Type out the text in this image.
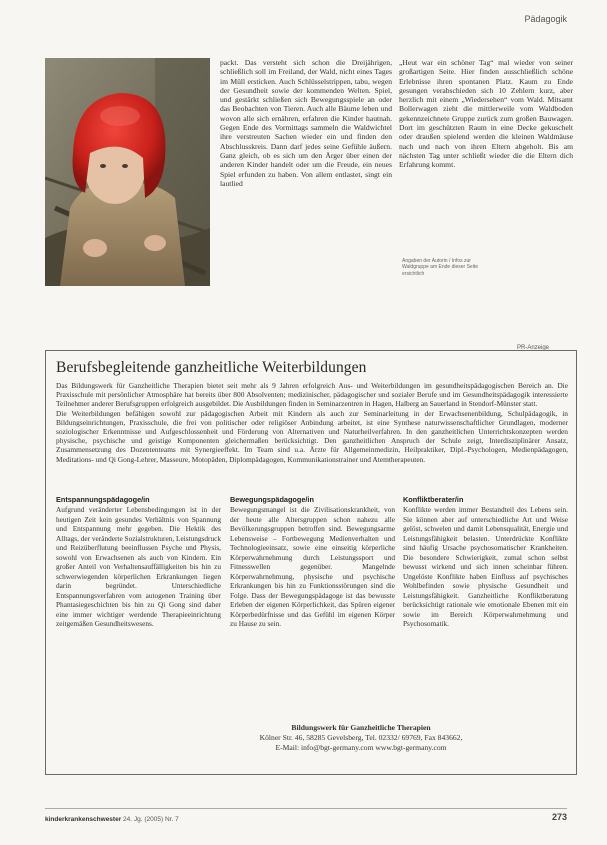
Pädagogik

packt. Das versteht sich schon die Dreijährigen, schließlich soll im Freiland, der Wald, nicht eines Tages im Müll ersticken. Auch Schlüsselstrippen, tabu, wegen der Gesundheit sowie der kommenden Welten. Spiel, und gestärkt schließen sich Bewegungsspiele an oder das Beobachten von Tieren. Auch alle Bäume leben und wovon alle sich ernähren, erfahren die Kinder hautnah. Gegen Ende des Vormittags sammeln die Waldwichtel ihre verstreuten Sachen wieder ein und finden den Abschlusskreis. Dann darf jedes seine Gefühle äußern. Ganz gleich, ob es sich um den Ärger über einen der anderen Kinder handelt oder um die Freude, ein neues Spiel erfunden zu haben. Von allem entlastet, singt ein lautlied

„Heut war ein schöner Tag“ mal wieder von seiner großartigen Seite. Hier finden ausschließlich schöne Erlebnisse ihren spontanen Platz. Kaum zu Ende gesungen verabschieden sich 10 Zehlern kurz, aber herzlich mit einem „Wiedersehen“ vom Wald. Mitsamt Bollerwagen zieht die mittlerweile vom Waldboden gekennzeichnete Gruppe zurück zum großen Bauwagen. Dort im geschützten Raum in eine Decke gekuschelt oder draußen spielend werden die kleinen Waldmäuse nach und nach von ihren Eltern abgeholt. Bis am nächsten Tag unter schließt wieder die die Eltern dich Erfahrung kommt.

Angaben der Autorin / Infos zur Waldgruppe am Ende dieser Seite ersichtlich
PR-Anzeige
Berufsbegleitende ganzheitliche Weiterbildungen

Das Bildungswerk für Ganzheitliche Therapien bietet seit mehr als 9 Jahren erfolgreich Aus- und Weiterbildungen im gesundheitspädagogischen Bereich an. Die Praxisschule mit persönlicher Atmosphäre hat bereits über 800 Absolventen; medizinischer, pädagogischer und sozialer Berufe und im Gesundheitspädagogik interessierte Teilnehmer anderer Berufsgruppen erfolgreich ausgebildet. Die Ausbildungen finden in Seminarzentren in Hagen, Halberg an Sauerland in Stendorf-Münster statt.

Die Weiterbildungen befähigen sowohl zur pädagogischen Arbeit mit Kindern als auch zur Seminarleitung in der Erwachsenenbildung, Schulpädagogik, in Bildungseinrichtungen, Praxisschule, die frei von politischer oder religiöser Anbindung arbeitet, ist eine Synthese naturwissenschaftlicher Grundlagen, moderner soziologischer Erkenntnisse und Aufgeschlossenheit und Förderung von Alternativen und Naturheilverfahren. In den ganzheitlichen Unterrichtskonzepten werden physische, psychische und geistige Komponenten gleichermaßen berücksichtigt. Den ganzheitlichen Anspruch der Schule zeigt, Interdisziplinärer Ansatz, Zusammensetzung des Dozententeams mit Synergieeffekt. Im Team sind u.a. Ärzte für Allgemeinmedizin, Heilpraktiker, Dipl.-Psychologen, Medienpädagogen, Meditations- und Qi Gong-Lehrer, Masseure, Motopäden, Diplompädagogen, Kommunikationstrainer und Atemtherapeuten.

Entspannungspädagoge/in

Aufgrund veränderter Lebensbedingungen ist in der heutigen Zeit kein gesundes Verhältnis von Spannung und Entspannung mehr gegeben. Die Hektik des Alltags, der veränderte Sozialstrukturen, Leistungsdruck und Reizüberflutung beeinflussen Psyche und Physis, sowohl von Erwachsenen als auch von Kindern. Ein großer Anteil von Verhaltensauffälligkeiten bis hin zu schwerwiegenden körperlichen Erkrankungen liegen darin begründet. Unterschiedliche Entspannungsverfahren vom autogenen Training über Phantasiegeschichten bis hin zu Qi Gong sind daher eine immer wichtiger werdende Therapieeinrichtung zeitgemäßen Gesundheitswesens.

Bewegungspädagoge/in

Bewegungsmangel ist die Zivilisationskrankheit, von der heute alle Altersgruppen schon nahezu alle Bevölkerungsgruppen betroffen sind. Bewegungsarme Lebensweise – Fortbewegung Medienverhalten und Technologieeinsatz, sowie eine einseitig körperliche Körperwahrnehmung durch Leistungssport und Fitnesswellen gegenüber. Mangelnde Körperwahrnehmung, physische und psychische Erkrankungen bis hin zu Funktionsstörungen sind die Folge. Dass der Bewegungspädagoge ist das bewusste Erleben der eigenen Körperlichkeit, das Spüren eigener Körperbedürfnisse und das Gefühl im eigenen Körper zu Hause zu sein.

Konfliktberater/in

Konflikte werden immer Bestandteil des Lebens sein. Sie können aber auf unterschiedliche Art und Weise gelöst, schwelen und damit Lebensqualität, Energie und Leistungsfähigkeit belasten. Unterdrückte Konflikte sind häufig Ursache psychosomatischer Krankheiten. Die besondere Schwierigkeit, zumal schon selbst bewusst wirkend und sich innen scheinbar führen. Ungelöste Konflikte haben Einfluss auf psychisches Wohlbefinden sowie physische Gesundheit und Leistungsfähigkeit. Ganzheitliche Konfliktberatung berücksichtigt rationale wie emotionale Ebenen mit ein sowie im Bereich Körperwahrnehmung und Psychosomatik.

Bildungswerk für Ganzheitliche Therapien
Kölner Str. 46, 58285 Gevelsberg, Tel. 02332/ 69769, Fax 843662,
E-Mail: info@bgt-germany.com www.bgt-germany.com
kinderkrankenschwester 24. Jg. (2005) Nr. 7	273
